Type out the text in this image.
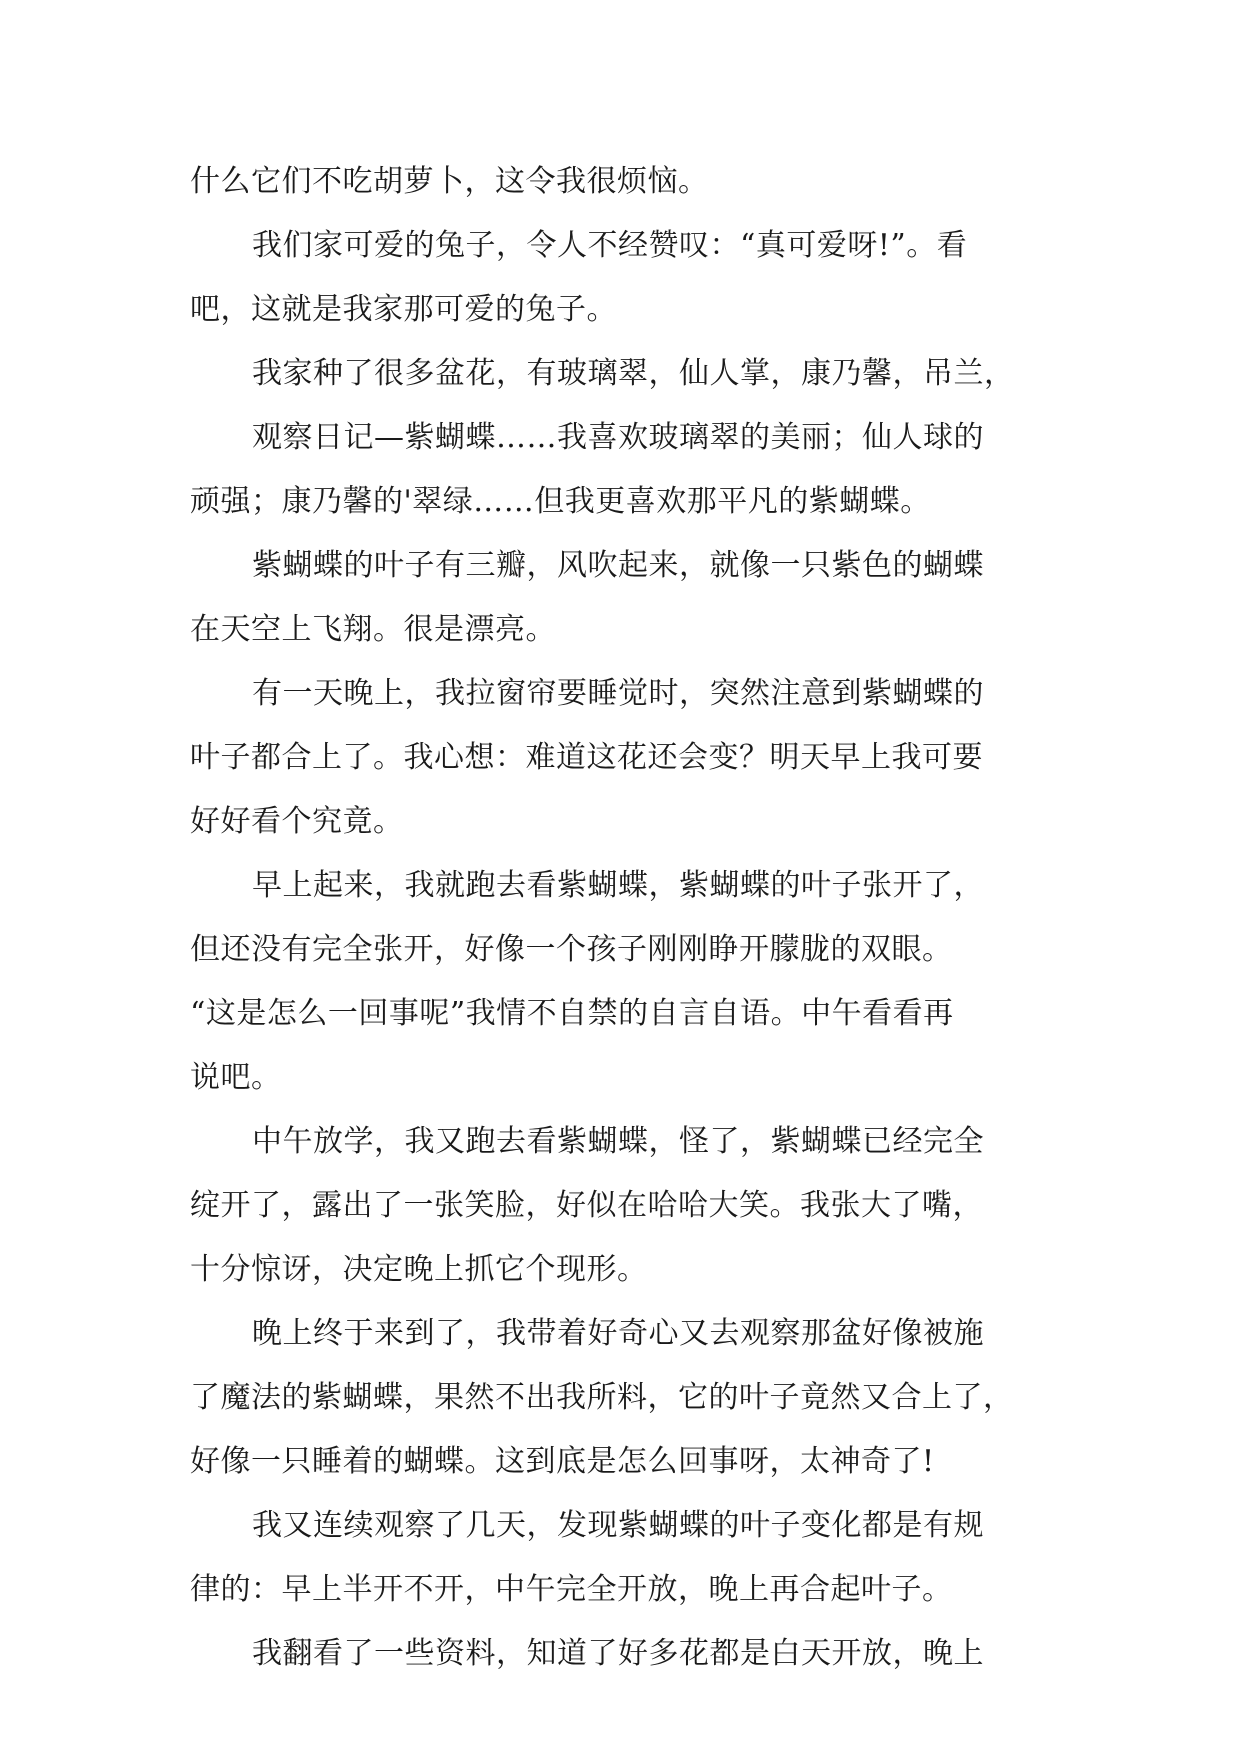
什么它们不吃胡萝卜，这令我很烦恼。
我们家可爱的兔子，令人不经赞叹：“真可爱呀!”。看
吧，这就是我家那可爱的兔子。
我家种了很多盆花，有玻璃翠，仙人掌，康乃馨，吊兰，
观察日记—紫蝴蝶……我喜欢玻璃翠的美丽；仙人球的
顽强；康乃馨的'翠绿……但我更喜欢那平凡的紫蝴蝶。
紫蝴蝶的叶子有三瓣，风吹起来，就像一只紫色的蝴蝶
在天空上飞翔。很是漂亮。
有一天晚上，我拉窗帘要睡觉时，突然注意到紫蝴蝶的
叶子都合上了。我心想：难道这花还会变？明天早上我可要
好好看个究竟。
早上起来，我就跑去看紫蝴蝶，紫蝴蝶的叶子张开了，
但还没有完全张开，好像一个孩子刚刚睁开朦胧的双眼。
“这是怎么一回事呢”我情不自禁的自言自语。中午看看再
说吧。
中午放学，我又跑去看紫蝴蝶，怪了，紫蝴蝶已经完全
绽开了，露出了一张笑脸，好似在哈哈大笑。我张大了嘴，
十分惊讶，决定晚上抓它个现形。
晚上终于来到了，我带着好奇心又去观察那盆好像被施
了魔法的紫蝴蝶，果然不出我所料，它的叶子竟然又合上了，
好像一只睡着的蝴蝶。这到底是怎么回事呀，太神奇了!
我又连续观察了几天，发现紫蝴蝶的叶子变化都是有规
律的：早上半开不开，中午完全开放，晚上再合起叶子。
我翻看了一些资料，知道了好多花都是白天开放，晚上
